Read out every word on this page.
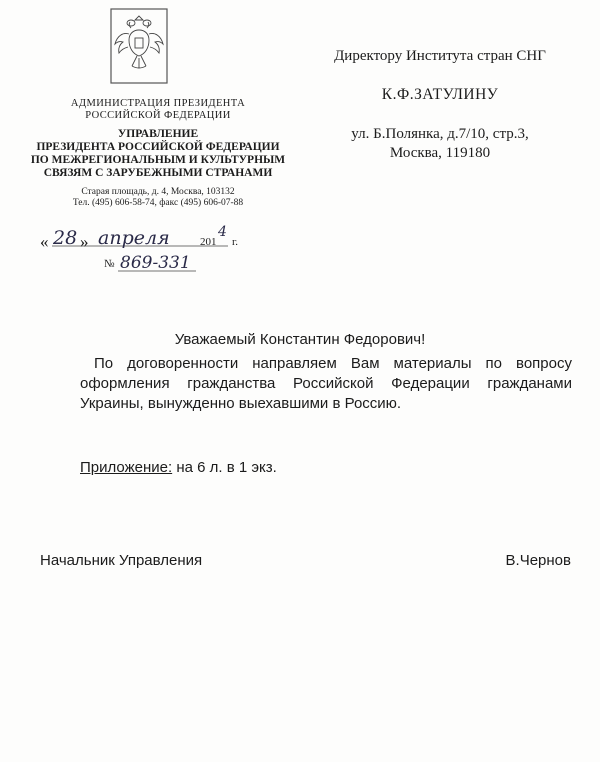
АДМИНИСТРАЦИЯ ПРЕЗИДЕНТА
РОССИЙСКОЙ ФЕДЕРАЦИИ
УПРАВЛЕНИЕ
ПРЕЗИДЕНТА РОССИЙСКОЙ ФЕДЕРАЦИИ
ПО МЕЖРЕГИОНАЛЬНЫМ И КУЛЬТУРНЫМ
СВЯЗЯМ С ЗАРУБЕЖНЫМИ СТРАНАМИ
Старая площадь, д. 4, Москва, 103132
Тел. (495) 606-58-74, факс (495) 606-07-88
« 28 » апреля	201
4
г.
№ 869-331
Директору Института стран СНГ
К.Ф.ЗАТУЛИНУ
ул. Б.Полянка, д.7/10, стр.3,
Москва, 119180
Уважаемый Константин Федорович!
По договоренности направляем Вам материалы по вопросу оформления гражданства Российской Федерации гражданами Украины, вынужденно выехавшими в Россию.
Приложение: на 6 л. в 1 экз.
Начальник Управления	В.Чернов
